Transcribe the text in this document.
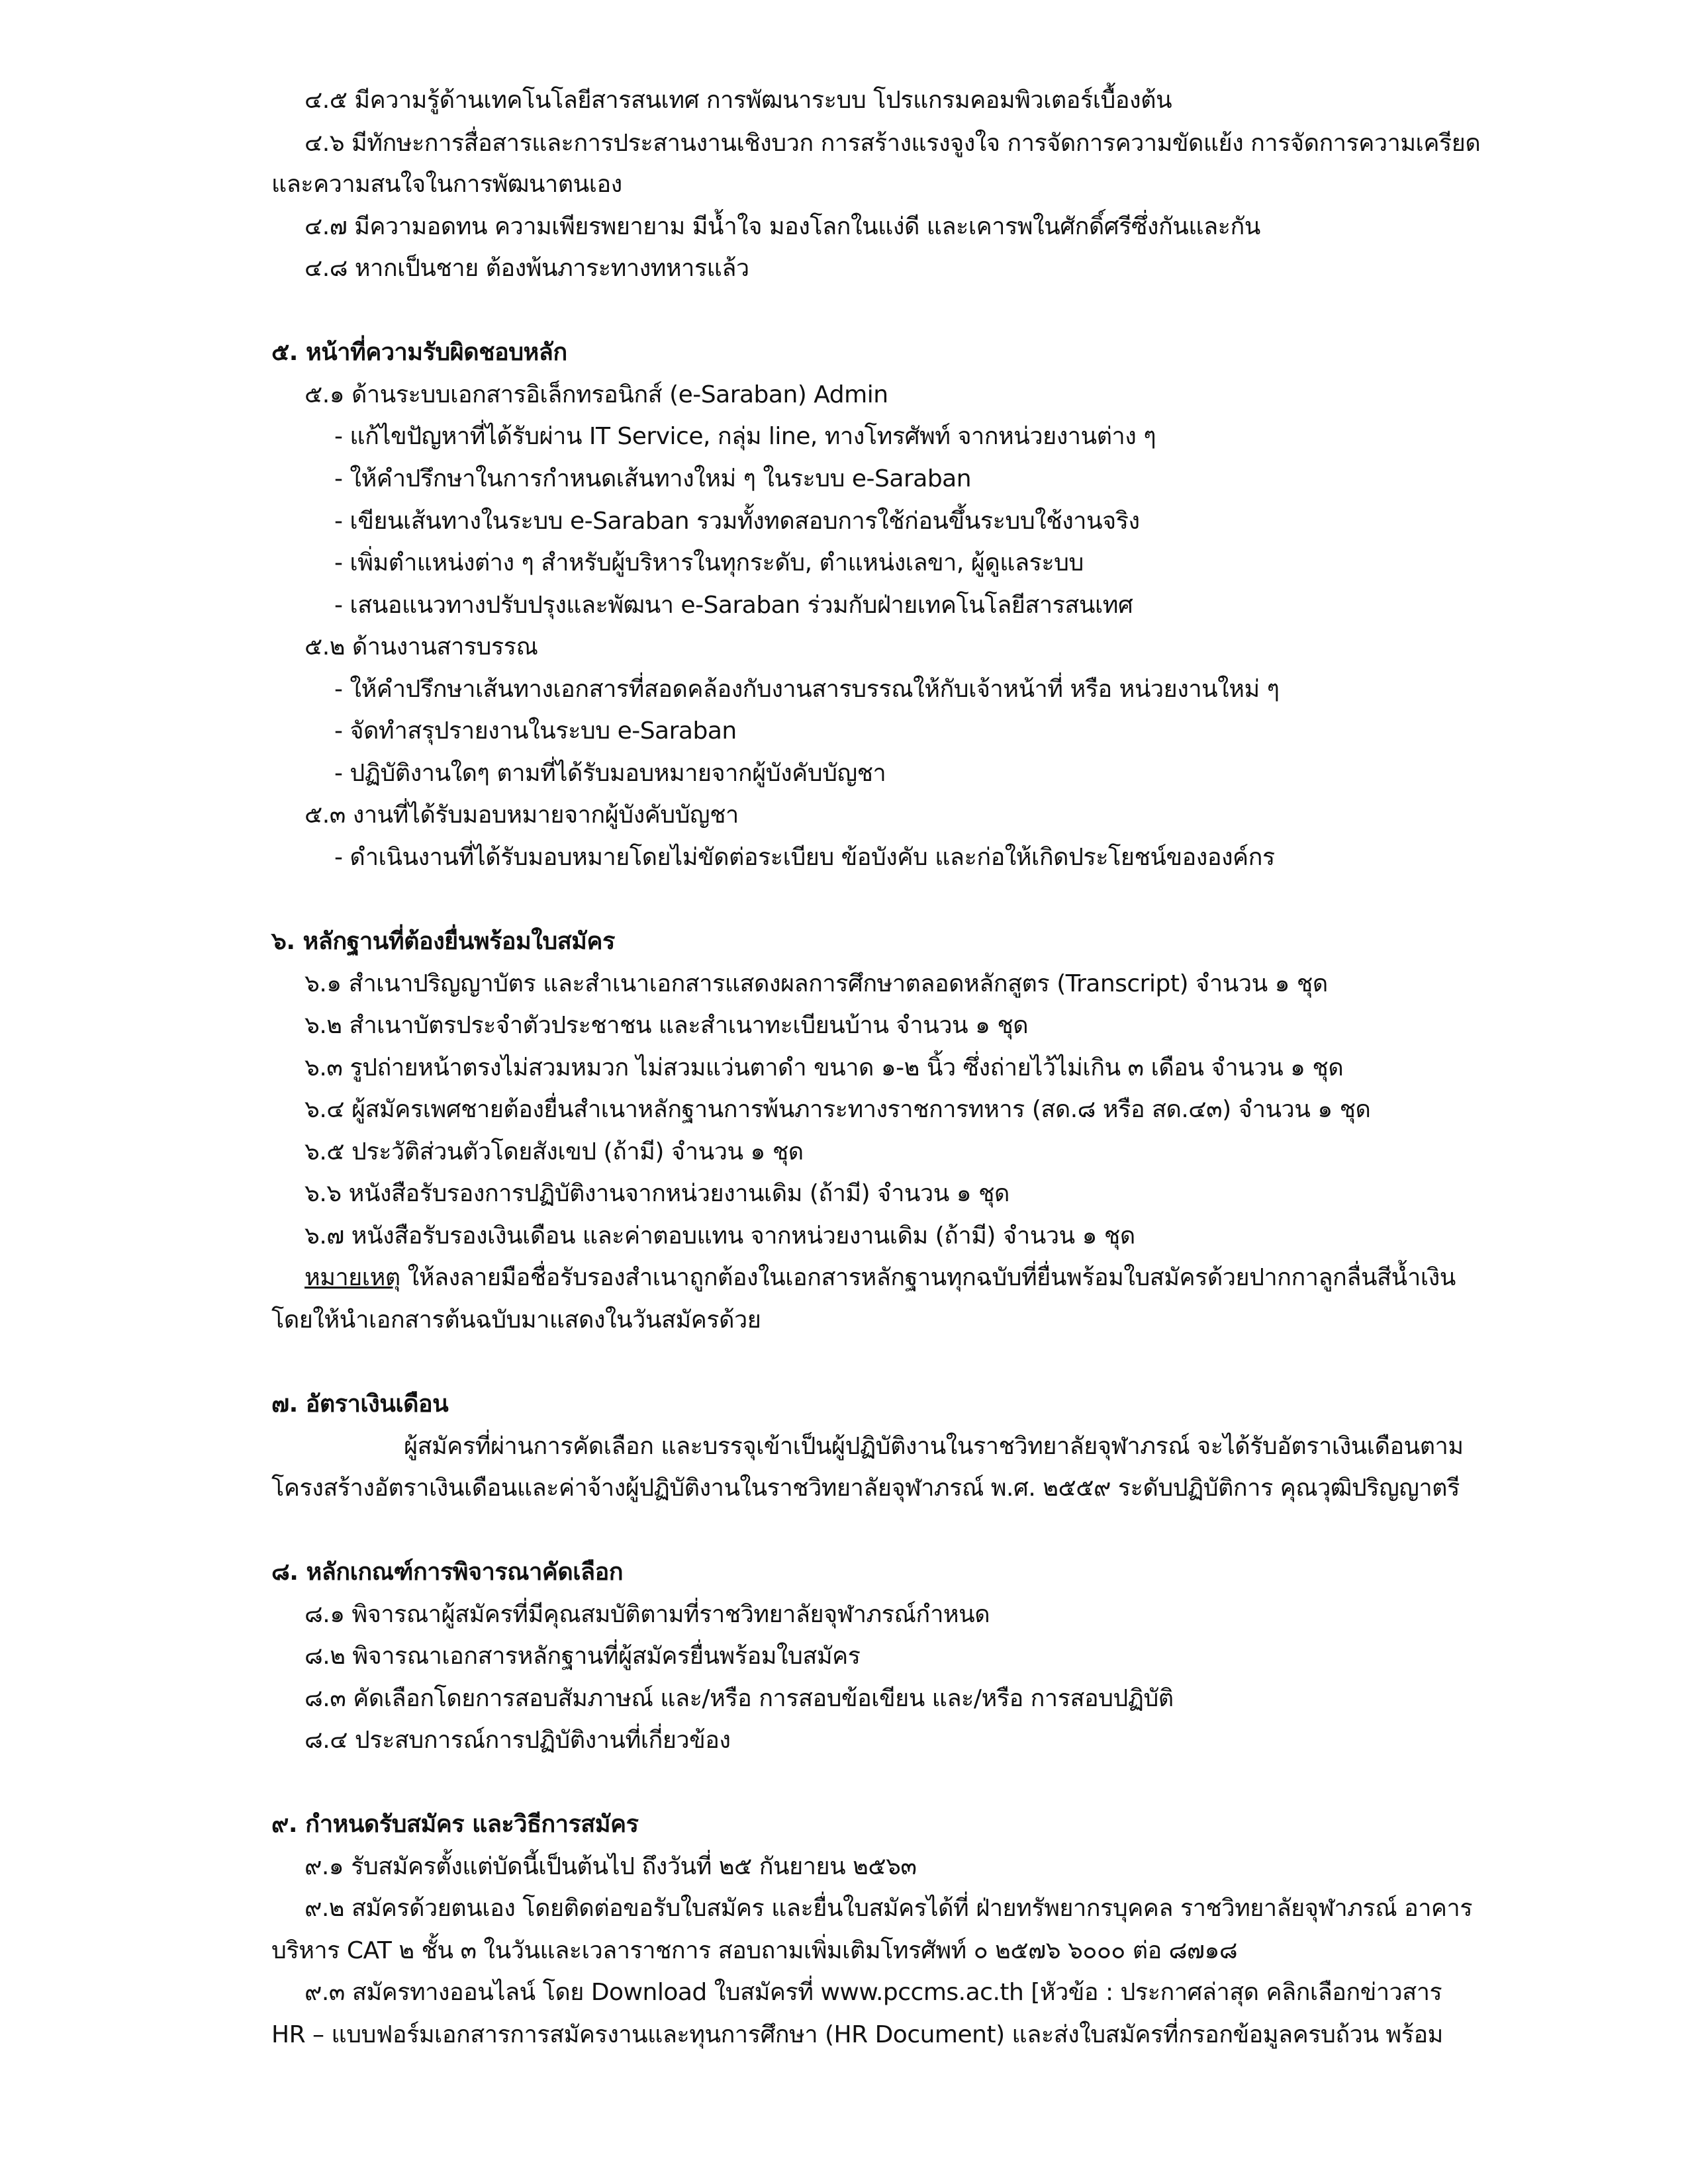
๔.๕ มีความรู้ด้านเทคโนโลยีสารสนเทศ การพัฒนาระบบ โปรแกรมคอมพิวเตอร์เบื้องต้น
๔.๖ มีทักษะการสื่อสารและการประสานงานเชิงบวก การสร้างแรงจูงใจ การจัดการความขัดแย้ง การจัดการความเครียด
และความสนใจในการพัฒนาตนเอง
๔.๗ มีความอดทน ความเพียรพยายาม มีน้ำใจ มองโลกในแง่ดี และเคารพในศักดิ์ศรีซึ่งกันและกัน
๔.๘ หากเป็นชาย ต้องพ้นภาระทางทหารแล้ว
๕. หน้าที่ความรับผิดชอบหลัก
๕.๑ ด้านระบบเอกสารอิเล็กทรอนิกส์ (e-Saraban) Admin
- แก้ไขปัญหาที่ได้รับผ่าน IT Service, กลุ่ม line, ทางโทรศัพท์ จากหน่วยงานต่าง ๆ
- ให้คำปรึกษาในการกำหนดเส้นทางใหม่ ๆ ในระบบ e-Saraban
- เขียนเส้นทางในระบบ e-Saraban รวมทั้งทดสอบการใช้ก่อนขึ้นระบบใช้งานจริง
- เพิ่มตำแหน่งต่าง ๆ สำหรับผู้บริหารในทุกระดับ, ตำแหน่งเลขา, ผู้ดูแลระบบ
- เสนอแนวทางปรับปรุงและพัฒนา e-Saraban ร่วมกับฝ่ายเทคโนโลยีสารสนเทศ
๕.๒ ด้านงานสารบรรณ
- ให้คำปรึกษาเส้นทางเอกสารที่สอดคล้องกับงานสารบรรณให้กับเจ้าหน้าที่ หรือ หน่วยงานใหม่ ๆ
- จัดทำสรุปรายงานในระบบ e-Saraban
- ปฏิบัติงานใดๆ ตามที่ได้รับมอบหมายจากผู้บังคับบัญชา
๕.๓ งานที่ได้รับมอบหมายจากผู้บังคับบัญชา
- ดำเนินงานที่ได้รับมอบหมายโดยไม่ขัดต่อระเบียบ ข้อบังคับ และก่อให้เกิดประโยชน์ขององค์กร
๖. หลักฐานที่ต้องยื่นพร้อมใบสมัคร
๖.๑ สำเนาปริญญาบัตร และสำเนาเอกสารแสดงผลการศึกษาตลอดหลักสูตร (Transcript) จำนวน ๑ ชุด
๖.๒ สำเนาบัตรประจำตัวประชาชน และสำเนาทะเบียนบ้าน จำนวน ๑ ชุด
๖.๓ รูปถ่ายหน้าตรงไม่สวมหมวก ไม่สวมแว่นตาดำ ขนาด ๑-๒ นิ้ว ซึ่งถ่ายไว้ไม่เกิน ๓ เดือน จำนวน ๑ ชุด
๖.๔ ผู้สมัครเพศชายต้องยื่นสำเนาหลักฐานการพ้นภาระทางราชการทหาร (สด.๘ หรือ สด.๔๓) จำนวน ๑ ชุด
๖.๕ ประวัติส่วนตัวโดยสังเขป (ถ้ามี) จำนวน ๑ ชุด
๖.๖ หนังสือรับรองการปฏิบัติงานจากหน่วยงานเดิม (ถ้ามี) จำนวน ๑ ชุด
๖.๗ หนังสือรับรองเงินเดือน และค่าตอบแทน จากหน่วยงานเดิม (ถ้ามี) จำนวน ๑ ชุด
หมายเหตุ ให้ลงลายมือชื่อรับรองสำเนาถูกต้องในเอกสารหลักฐานทุกฉบับที่ยื่นพร้อมใบสมัครด้วยปากกาลูกลื่นสีน้ำเงิน
โดยให้นำเอกสารต้นฉบับมาแสดงในวันสมัครด้วย
๗. อัตราเงินเดือน
ผู้สมัครที่ผ่านการคัดเลือก และบรรจุเข้าเป็นผู้ปฏิบัติงานในราชวิทยาลัยจุฬาภรณ์ จะได้รับอัตราเงินเดือนตาม
โครงสร้างอัตราเงินเดือนและค่าจ้างผู้ปฏิบัติงานในราชวิทยาลัยจุฬาภรณ์ พ.ศ. ๒๕๕๙ ระดับปฏิบัติการ คุณวุฒิปริญญาตรี
๘. หลักเกณฑ์การพิจารณาคัดเลือก
๘.๑ พิจารณาผู้สมัครที่มีคุณสมบัติตามที่ราชวิทยาลัยจุฬาภรณ์กำหนด
๘.๒ พิจารณาเอกสารหลักฐานที่ผู้สมัครยื่นพร้อมใบสมัคร
๘.๓ คัดเลือกโดยการสอบสัมภาษณ์ และ/หรือ การสอบข้อเขียน และ/หรือ การสอบปฏิบัติ
๘.๔ ประสบการณ์การปฏิบัติงานที่เกี่ยวข้อง
๙. กำหนดรับสมัคร และวิธีการสมัคร
๙.๑ รับสมัครตั้งแต่บัดนี้เป็นต้นไป ถึงวันที่ ๒๕ กันยายน ๒๕๖๓
๙.๒ สมัครด้วยตนเอง โดยติดต่อขอรับใบสมัคร และยื่นใบสมัครได้ที่ ฝ่ายทรัพยากรบุคคล ราชวิทยาลัยจุฬาภรณ์ อาคาร
บริหาร CAT ๒ ชั้น ๓ ในวันและเวลาราชการ สอบถามเพิ่มเติมโทรศัพท์ ๐ ๒๕๗๖ ๖๐๐๐ ต่อ ๘๗๑๘
๙.๓ สมัครทางออนไลน์ โดย Download ใบสมัครที่ www.pccms.ac.th [หัวข้อ : ประกาศล่าสุด คลิกเลือกข่าวสาร
HR – แบบฟอร์มเอกสารการสมัครงานและทุนการศึกษา (HR Document) และส่งใบสมัครที่กรอกข้อมูลครบถ้วน พร้อม
